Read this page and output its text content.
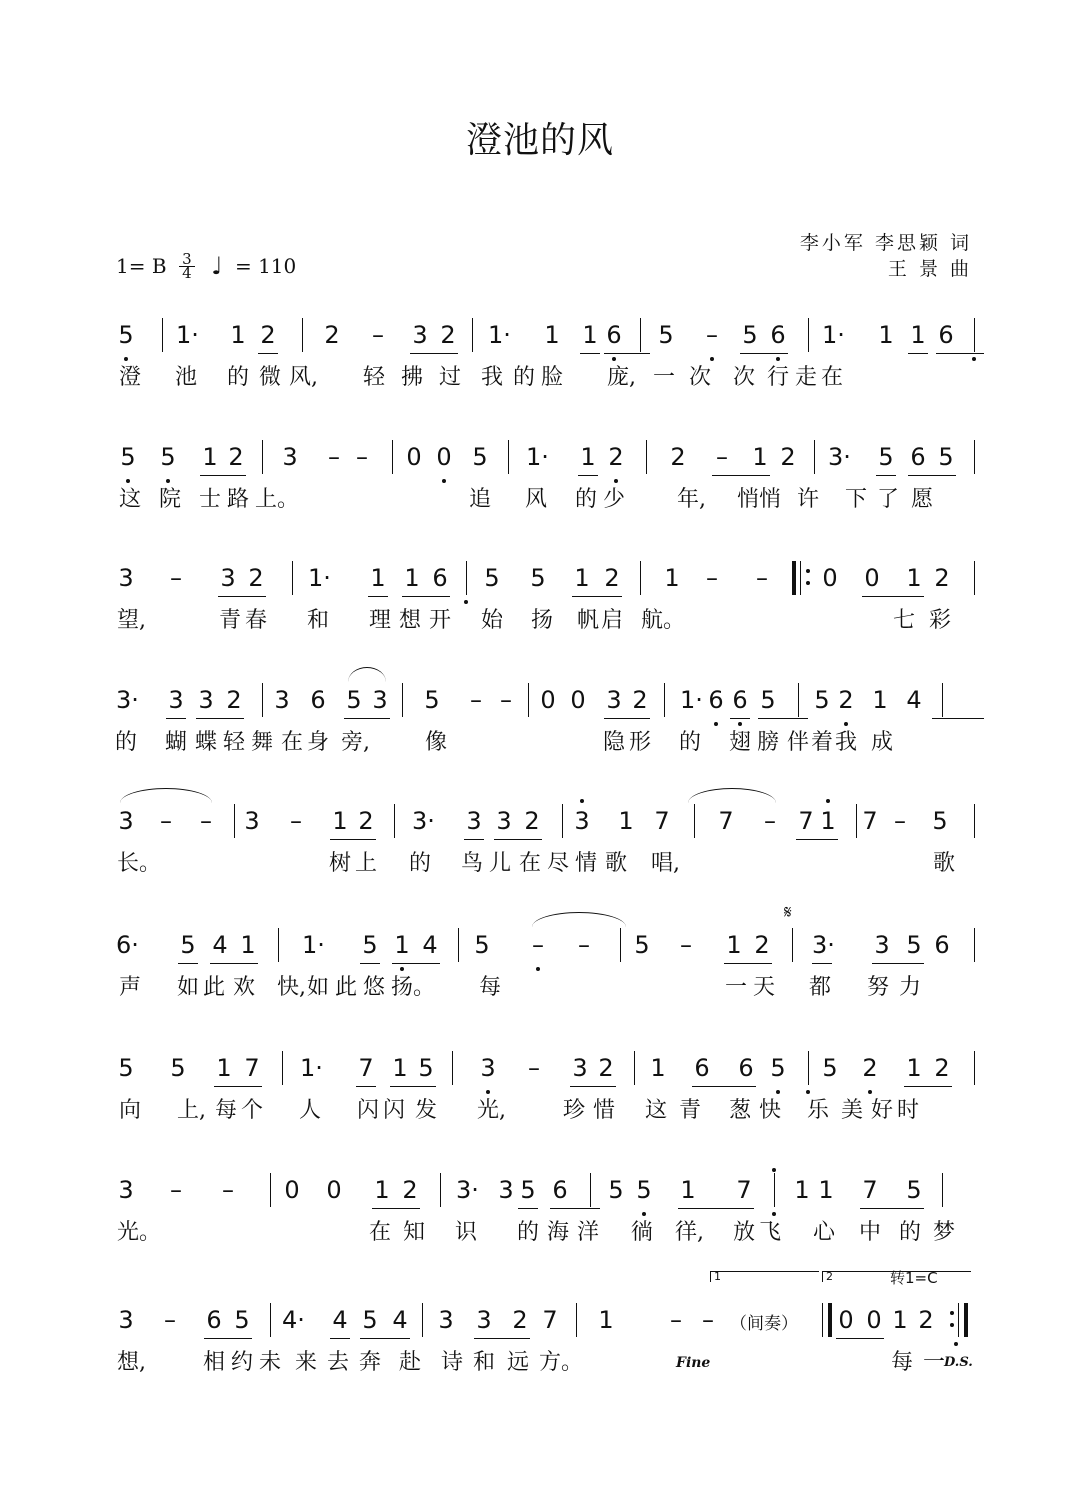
澄池的风
李小军 李思颖 词
王 景 曲
1= B $\frac{3}{4}$ ♩ = 110
5 1· 1 2 2 – 3 2 1· 1 1 6 5 – 5 6 1· 1 1 6
澄 池 的 微 风, 轻 拂 过 我 的 脸 庞, 一 次 次 行 走 在
5 5 1 2 3 – – 0 0 5 1· 1 2 2 – 1 2 3· 5 6 5
这 院 士 路 上。	追 风 的 少 年, 悄 悄 许 下 了 愿
3 – 3 2 1· 1 1 6 5 5 1 2 1 – – 0 0 1 2
望,	青 春 和 理 想 开 始 扬 帆 启 航。	七 彩
3· 3 3 2 3 6 5 3 5 – – 0 0 3 2 1· 6 6 5 5 2 1 4
的 蝴 蝶 轻 舞 在 身 旁, 像	隐 形 的 翅 膀 伴 着 我 成
3 – – 3 – 1 2 3· 3 3 2 3 1 7 7 – 7 1 7 – 5
长。	树 上 的 鸟 儿 在 尽 情 歌 唱,	歌
6· 5 4 1 1· 5 1 4 5 – – 5 – 1 2 3· 3 5 6
声 如 此 欢 快, 如 此 悠 扬。 每	一 天 都 努 力
𝄋
5 5 1 7 1· 7 1 5 3 – 3 2 1 6 6 5 5 2 1 2
向 上, 每 个 人 闪 闪 发 光,	珍 惜 这 青 葱 快 乐 美 好 时
3 – – 0 0 1 2 3· 3 5 6 5 5 1 7 1 1 7 5
光。	在 知 识 的 海 洋 徜 徉, 放 飞 心 中 的 梦
3 – 6 5 4· 4 5 4 3 3 2 7 1 – –	0 0 1 2
想,	相 约 未 来 去 奔 赴 诗 和 远 方。	每 一
Fine	D.S.
（间奏）
转1=C
1	2
